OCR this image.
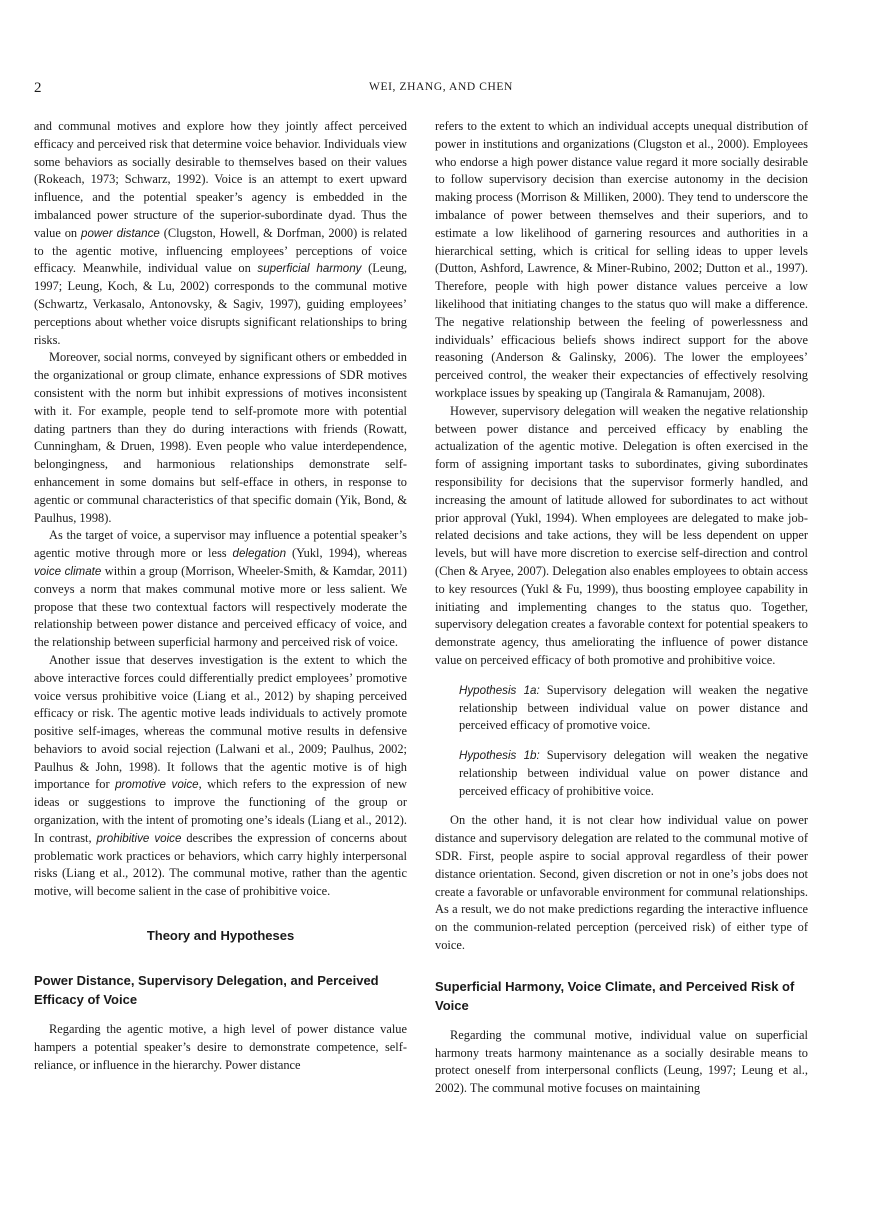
2	WEI, ZHANG, AND CHEN

and communal motives and explore how they jointly affect perceived efficacy and perceived risk that determine voice behavior. Individuals view some behaviors as socially desirable to themselves based on their values (Rokeach, 1973; Schwarz, 1992). Voice is an attempt to exert upward influence, and the potential speaker’s agency is embedded in the imbalanced power structure of the superior-subordinate dyad. Thus the value on power distance (Clugston, Howell, & Dorfman, 2000) is related to the agentic motive, influencing employees’ perceptions of voice efficacy. Meanwhile, individual value on superficial harmony (Leung, 1997; Leung, Koch, & Lu, 2002) corresponds to the communal motive (Schwartz, Verkasalo, Antonovsky, & Sagiv, 1997), guiding employees’ perceptions about whether voice disrupts significant relationships to bring risks.

Moreover, social norms, conveyed by significant others or embedded in the organizational or group climate, enhance expressions of SDR motives consistent with the norm but inhibit expressions of motives inconsistent with it. For example, people tend to self-promote more with potential dating partners than they do during interactions with friends (Rowatt, Cunningham, & Druen, 1998). Even people who value interdependence, belongingness, and harmonious relationships demonstrate self-enhancement in some domains but self-efface in others, in response to agentic or communal characteristics of that specific domain (Yik, Bond, & Paulhus, 1998).

As the target of voice, a supervisor may influence a potential speaker’s agentic motive through more or less delegation (Yukl, 1994), whereas voice climate within a group (Morrison, Wheeler-Smith, & Kamdar, 2011) conveys a norm that makes communal motive more or less salient. We propose that these two contextual factors will respectively moderate the relationship between power distance and perceived efficacy of voice, and the relationship between superficial harmony and perceived risk of voice.

Another issue that deserves investigation is the extent to which the above interactive forces could differentially predict employees’ promotive voice versus prohibitive voice (Liang et al., 2012) by shaping perceived efficacy or risk. The agentic motive leads individuals to actively promote positive self-images, whereas the communal motive results in defensive behaviors to avoid social rejection (Lalwani et al., 2009; Paulhus, 2002; Paulhus & John, 1998). It follows that the agentic motive is of high importance for promotive voice, which refers to the expression of new ideas or suggestions to improve the functioning of the group or organization, with the intent of promoting one’s ideals (Liang et al., 2012). In contrast, prohibitive voice describes the expression of concerns about problematic work practices or behaviors, which carry highly interpersonal risks (Liang et al., 2012). The communal motive, rather than the agentic motive, will become salient in the case of prohibitive voice.

Theory and Hypotheses
Power Distance, Supervisory Delegation, and Perceived Efficacy of Voice

Regarding the agentic motive, a high level of power distance value hampers a potential speaker’s desire to demonstrate competence, self-reliance, or influence in the hierarchy. Power distance

refers to the extent to which an individual accepts unequal distribution of power in institutions and organizations (Clugston et al., 2000). Employees who endorse a high power distance value regard it more socially desirable to follow supervisory decision than exercise autonomy in the decision making process (Morrison & Milliken, 2000). They tend to underscore the imbalance of power between themselves and their superiors, and to estimate a low likelihood of garnering resources and authorities in a hierarchical setting, which is critical for selling ideas to upper levels (Dutton, Ashford, Lawrence, & Miner-Rubino, 2002; Dutton et al., 1997). Therefore, people with high power distance values perceive a low likelihood that initiating changes to the status quo will make a difference. The negative relationship between the feeling of powerlessness and individuals’ efficacious beliefs shows indirect support for the above reasoning (Anderson & Galinsky, 2006). The lower the employees’ perceived control, the weaker their expectancies of effectively resolving workplace issues by speaking up (Tangirala & Ramanujam, 2008).

However, supervisory delegation will weaken the negative relationship between power distance and perceived efficacy by enabling the actualization of the agentic motive. Delegation is often exercised in the form of assigning important tasks to subordinates, giving subordinates responsibility for decisions that the supervisor formerly handled, and increasing the amount of latitude allowed for subordinates to act without prior approval (Yukl, 1994). When employees are delegated to make job-related decisions and take actions, they will be less dependent on upper levels, but will have more discretion to exercise self-direction and control (Chen & Aryee, 2007). Delegation also enables employees to obtain access to key resources (Yukl & Fu, 1999), thus boosting employee capability in initiating and implementing changes to the status quo. Together, supervisory delegation creates a favorable context for potential speakers to demonstrate agency, thus ameliorating the influence of power distance value on perceived efficacy of both promotive and prohibitive voice.

Hypothesis 1a: Supervisory delegation will weaken the negative relationship between individual value on power distance and perceived efficacy of promotive voice.

Hypothesis 1b: Supervisory delegation will weaken the negative relationship between individual value on power distance and perceived efficacy of prohibitive voice.

On the other hand, it is not clear how individual value on power distance and supervisory delegation are related to the communal motive of SDR. First, people aspire to social approval regardless of their power distance orientation. Second, given discretion or not in one’s jobs does not create a favorable or unfavorable environment for communal relationships. As a result, we do not make predictions regarding the interactive influence on the communion-related perception (perceived risk) of either type of voice.

Superficial Harmony, Voice Climate, and Perceived Risk of Voice

Regarding the communal motive, individual value on superficial harmony treats harmony maintenance as a socially desirable means to protect oneself from interpersonal conflicts (Leung, 1997; Leung et al., 2002). The communal motive focuses on maintaining
